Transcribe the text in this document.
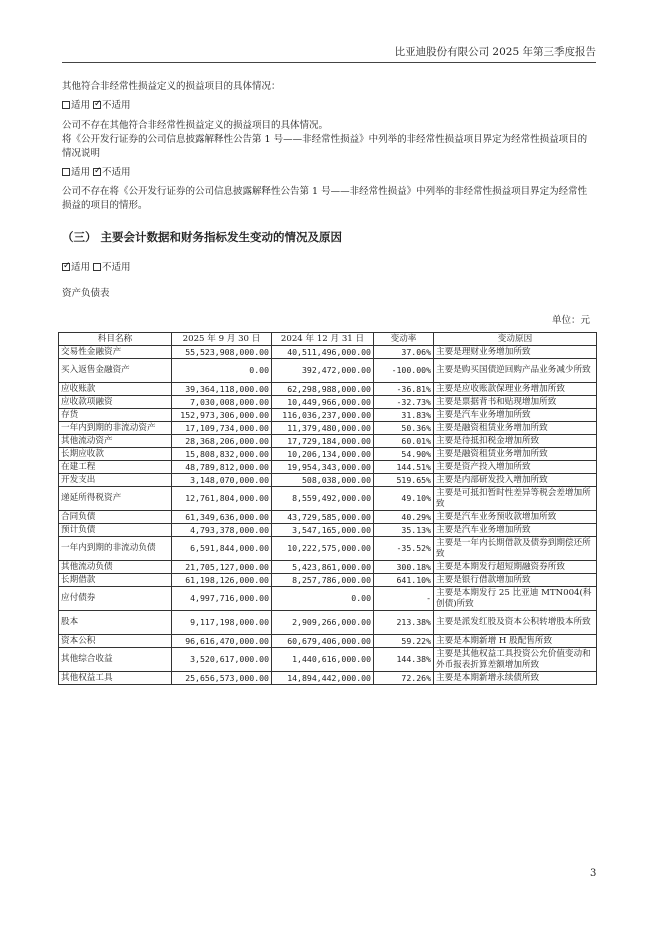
比亚迪股份有限公司 2025 年第三季度报告

其他符合非经常性损益定义的损益项目的具体情况：

适用 ✓ 不适用

公司不存在其他符合非经常性损益定义的损益项目的具体情况。

将《公开发行证券的公司信息披露解释性公告第 1 号——非经常性损益》中列举的非经常性损益项目界定为经常性损益项目的情况说明

适用 ✓ 不适用

公司不存在将《公开发行证券的公司信息披露解释性公告第 1 号——非经常性损益》中列举的非经常性损益项目界定为经常性损益的项目的情形。

（三） 主要会计数据和财务指标发生变动的情况及原因

✓适用 不适用

资产负债表

单位：元
科目名称	2025 年 9 月 30 日	2024 年 12 月 31 日	变动率	变动原因
交易性金融资产	55,523,908,000.00	40,511,496,000.00	37.06%	主要是理财业务增加所致
买入返售金融资产	0.00	392,472,000.00	-100.00%	主要是购买国债逆回购产品业务减少所致
应收账款	39,364,118,000.00	62,298,988,000.00	-36.81%	主要是应收账款保理业务增加所致
应收款项融资	7,030,008,000.00	10,449,966,000.00	-32.73%	主要是票据背书和贴现增加所致
存货	152,973,306,000.00	116,036,237,000.00	31.83%	主要是汽车业务增加所致
一年内到期的非流动资产	17,109,734,000.00	11,379,480,000.00	50.36%	主要是融资租赁业务增加所致
其他流动资产	28,368,206,000.00	17,729,184,000.00	60.01%	主要是待抵扣税金增加所致
长期应收款	15,808,832,000.00	10,206,134,000.00	54.90%	主要是融资租赁业务增加所致
在建工程	48,789,812,000.00	19,954,343,000.00	144.51%	主要是资产投入增加所致
开发支出	3,148,070,000.00	508,038,000.00	519.65%	主要是内部研发投入增加所致
递延所得税资产	12,761,804,000.00	8,559,492,000.00	49.10%	主要是可抵扣暂时性差异等税会差增加所致
合同负债	61,349,636,000.00	43,729,585,000.00	40.29%	主要是汽车业务预收款增加所致
预计负债	4,793,378,000.00	3,547,165,000.00	35.13%	主要是汽车业务增加所致
一年内到期的非流动负债	6,591,844,000.00	10,222,575,000.00	-35.52%	主要是一年内长期借款及债券到期偿还所致
其他流动负债	21,705,127,000.00	5,423,861,000.00	300.18%	主要是本期发行超短期融资券所致
长期借款	61,198,126,000.00	8,257,786,000.00	641.10%	主要是银行借款增加所致
应付债券	4,997,716,000.00	0.00	-	主要是本期发行 25 比亚迪 MTN004(科创债)所致
股本	9,117,198,000.00	2,909,266,000.00	213.38%	主要是派发红股及资本公积转增股本所致
资本公积	96,616,470,000.00	60,679,406,000.00	59.22%	主要是本期新增 H 股配售所致
其他综合收益	3,520,617,000.00	1,440,616,000.00	144.38%	主要是其他权益工具投资公允价值变动和外币报表折算差额增加所致
其他权益工具	25,656,573,000.00	14,894,442,000.00	72.26%	主要是本期新增永续债所致
3
